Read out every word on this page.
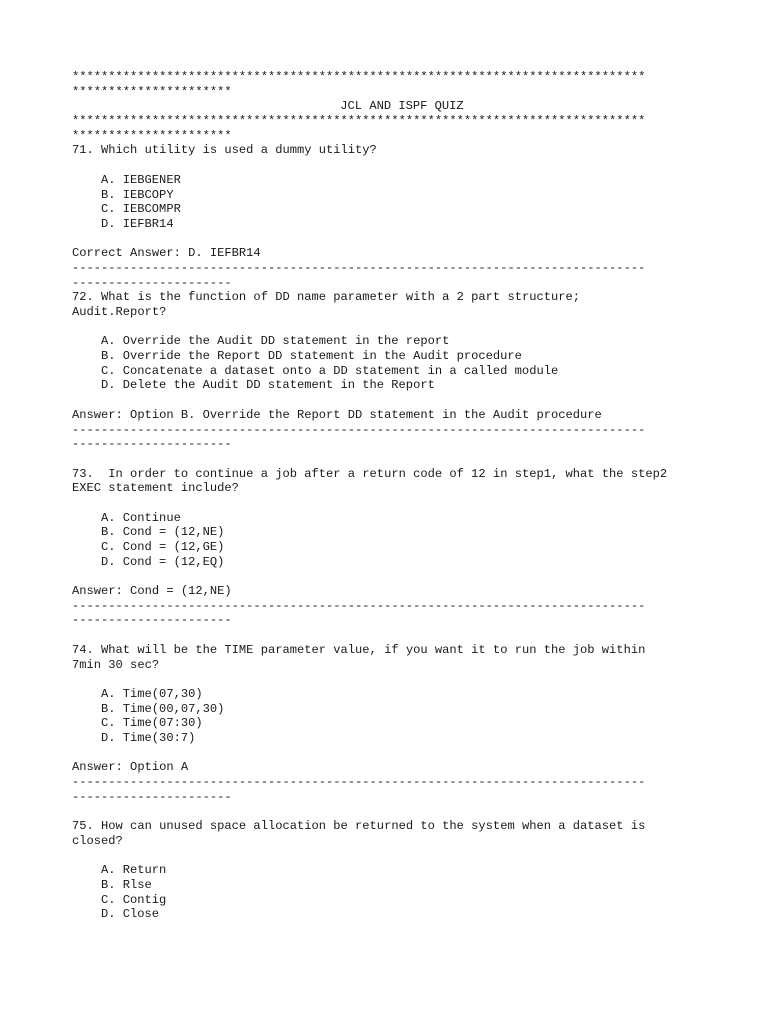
*******************************************************************************
**********************
JCL AND ISPF QUIZ
*******************************************************************************
**********************
71. Which utility is used a dummy utility?
A. IEBGENER
B. IEBCOPY
C. IEBCOMPR
D. IEFBR14
Correct Answer: D. IEFBR14
-------------------------------------------------------------------------------
----------------------
72. What is the function of DD name parameter with a 2 part structure;
Audit.Report?
A. Override the Audit DD statement in the report
B. Override the Report DD statement in the Audit procedure
C. Concatenate a dataset onto a DD statement in a called module
D. Delete the Audit DD statement in the Report
Answer: Option B. Override the Report DD statement in the Audit procedure
-------------------------------------------------------------------------------
----------------------
73.  In order to continue a job after a return code of 12 in step1, what the step2
EXEC statement include?
A. Continue
B. Cond = (12,NE)
C. Cond = (12,GE)
D. Cond = (12,EQ)
Answer: Cond = (12,NE)
-------------------------------------------------------------------------------
----------------------
74. What will be the TIME parameter value, if you want it to run the job within
7min 30 sec?
A. Time(07,30)
B. Time(00,07,30)
C. Time(07:30)
D. Time(30:7)
Answer: Option A
-------------------------------------------------------------------------------
----------------------
75. How can unused space allocation be returned to the system when a dataset is
closed?
A. Return
B. Rlse
C. Contig
D. Close
